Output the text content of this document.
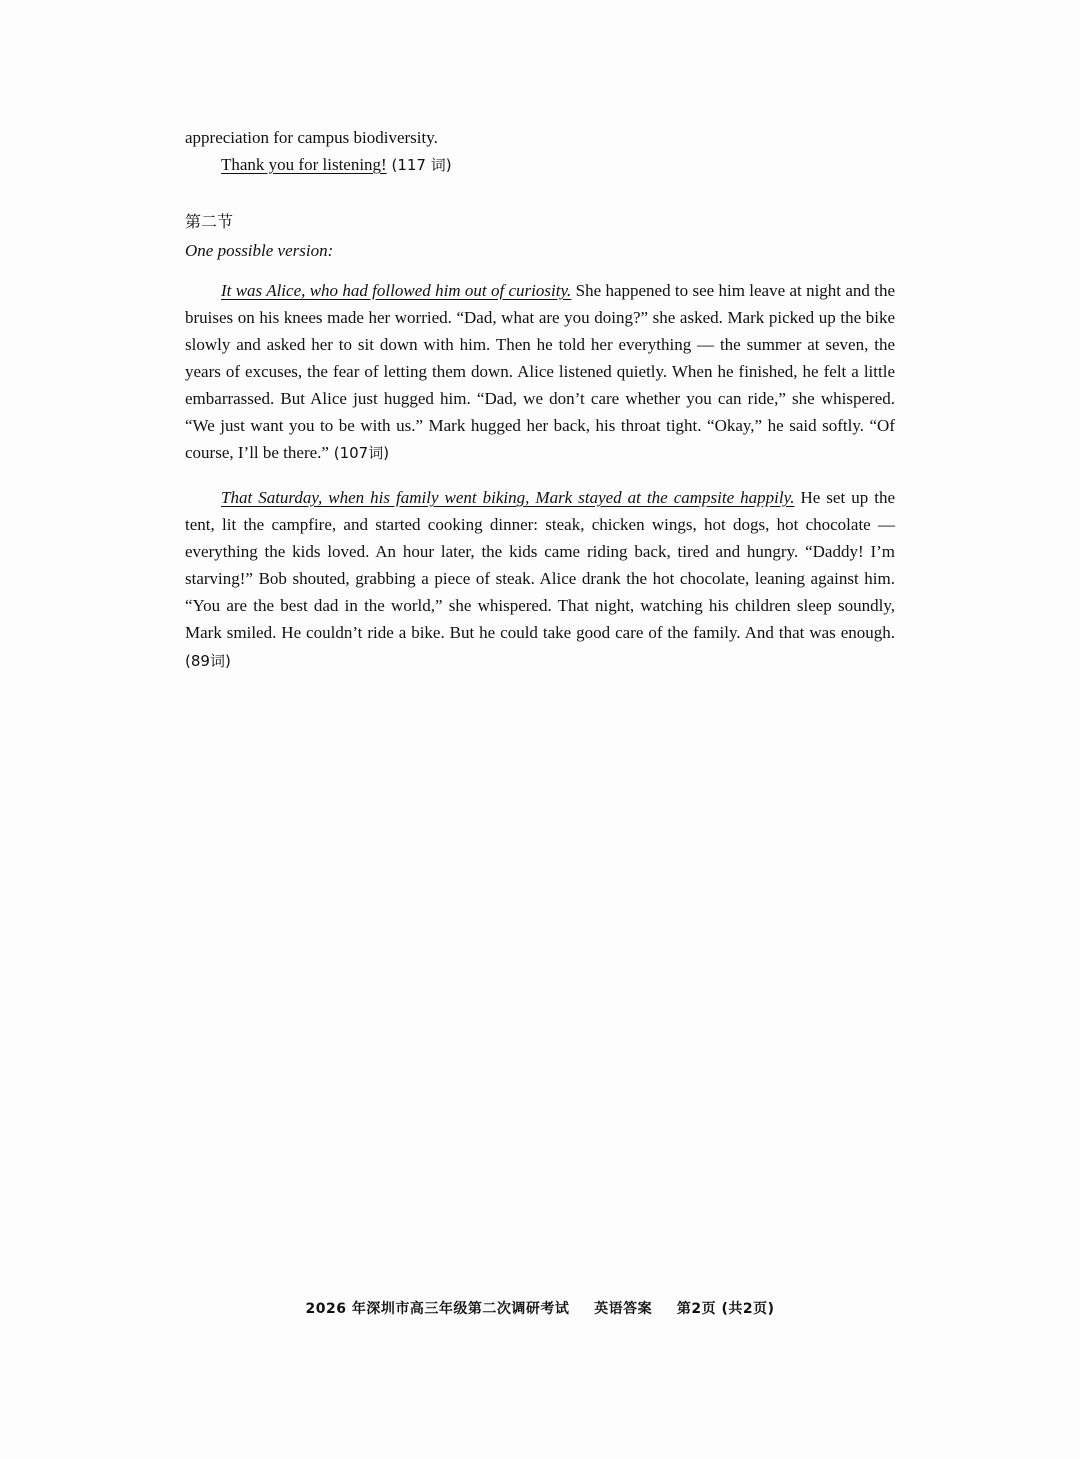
appreciation for campus biodiversity.

Thank you for listening! (117 词)

第二节
One possible version:

It was Alice, who had followed him out of curiosity. She happened to see him leave at night and the bruises on his knees made her worried. “Dad, what are you doing?” she asked. Mark picked up the bike slowly and asked her to sit down with him. Then he told her everything — the summer at seven, the years of excuses, the fear of letting them down. Alice listened quietly. When he finished, he felt a little embarrassed. But Alice just hugged him. “Dad, we don’t care whether you can ride,” she whispered. “We just want you to be with us.” Mark hugged her back, his throat tight. “Okay,” he said softly. “Of course, I’ll be there.” (107词)

That Saturday, when his family went biking, Mark stayed at the campsite happily. He set up the tent, lit the campfire, and started cooking dinner: steak, chicken wings, hot dogs, hot chocolate — everything the kids loved. An hour later, the kids came riding back, tired and hungry. “Daddy! I’m starving!” Bob shouted, grabbing a piece of steak. Alice drank the hot chocolate, leaning against him. “You are the best dad in the world,” she whispered. That night, watching his children sleep soundly, Mark smiled. He couldn’t ride a bike. But he could take good care of the family. And that was enough. (89词)

2026 年深圳市高三年级第二次调研考试 英语答案 第2页 (共2页)
